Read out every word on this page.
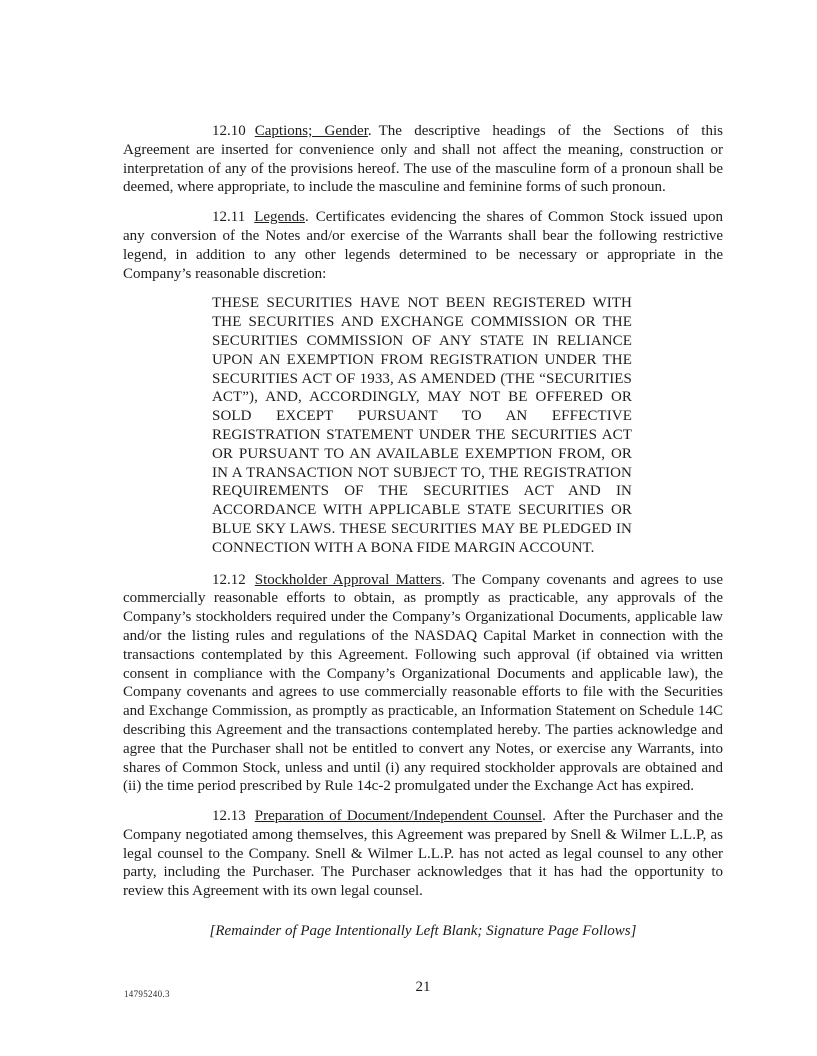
12.10 Captions; Gender. The descriptive headings of the Sections of this Agreement are inserted for convenience only and shall not affect the meaning, construction or interpretation of any of the provisions hereof. The use of the masculine form of a pronoun shall be deemed, where appropriate, to include the masculine and feminine forms of such pronoun.

12.11 Legends. Certificates evidencing the shares of Common Stock issued upon any conversion of the Notes and/or exercise of the Warrants shall bear the following restrictive legend, in addition to any other legends determined to be necessary or appropriate in the Company’s reasonable discretion:

THESE SECURITIES HAVE NOT BEEN REGISTERED WITH THE SECURITIES AND EXCHANGE COMMISSION OR THE SECURITIES COMMISSION OF ANY STATE IN RELIANCE UPON AN EXEMPTION FROM REGISTRATION UNDER THE SECURITIES ACT OF 1933, AS AMENDED (THE “SECURITIES ACT”), AND, ACCORDINGLY, MAY NOT BE OFFERED OR SOLD EXCEPT PURSUANT TO AN EFFECTIVE REGISTRATION STATEMENT UNDER THE SECURITIES ACT OR PURSUANT TO AN AVAILABLE EXEMPTION FROM, OR IN A TRANSACTION NOT SUBJECT TO, THE REGISTRATION REQUIREMENTS OF THE SECURITIES ACT AND IN ACCORDANCE WITH APPLICABLE STATE SECURITIES OR BLUE SKY LAWS. THESE SECURITIES MAY BE PLEDGED IN CONNECTION WITH A BONA FIDE MARGIN ACCOUNT.

12.12 Stockholder Approval Matters. The Company covenants and agrees to use commercially reasonable efforts to obtain, as promptly as practicable, any approvals of the Company’s stockholders required under the Company’s Organizational Documents, applicable law and/or the listing rules and regulations of the NASDAQ Capital Market in connection with the transactions contemplated by this Agreement. Following such approval (if obtained via written consent in compliance with the Company’s Organizational Documents and applicable law), the Company covenants and agrees to use commercially reasonable efforts to file with the Securities and Exchange Commission, as promptly as practicable, an Information Statement on Schedule 14C describing this Agreement and the transactions contemplated hereby. The parties acknowledge and agree that the Purchaser shall not be entitled to convert any Notes, or exercise any Warrants, into shares of Common Stock, unless and until (i) any required stockholder approvals are obtained and (ii) the time period prescribed by Rule 14c-2 promulgated under the Exchange Act has expired.

12.13 Preparation of Document/Independent Counsel. After the Purchaser and the Company negotiated among themselves, this Agreement was prepared by Snell & Wilmer L.L.P, as legal counsel to the Company. Snell & Wilmer L.L.P. has not acted as legal counsel to any other party, including the Purchaser. The Purchaser acknowledges that it has had the opportunity to review this Agreement with its own legal counsel.

[Remainder of Page Intentionally Left Blank; Signature Page Follows]

14795240.3	21
